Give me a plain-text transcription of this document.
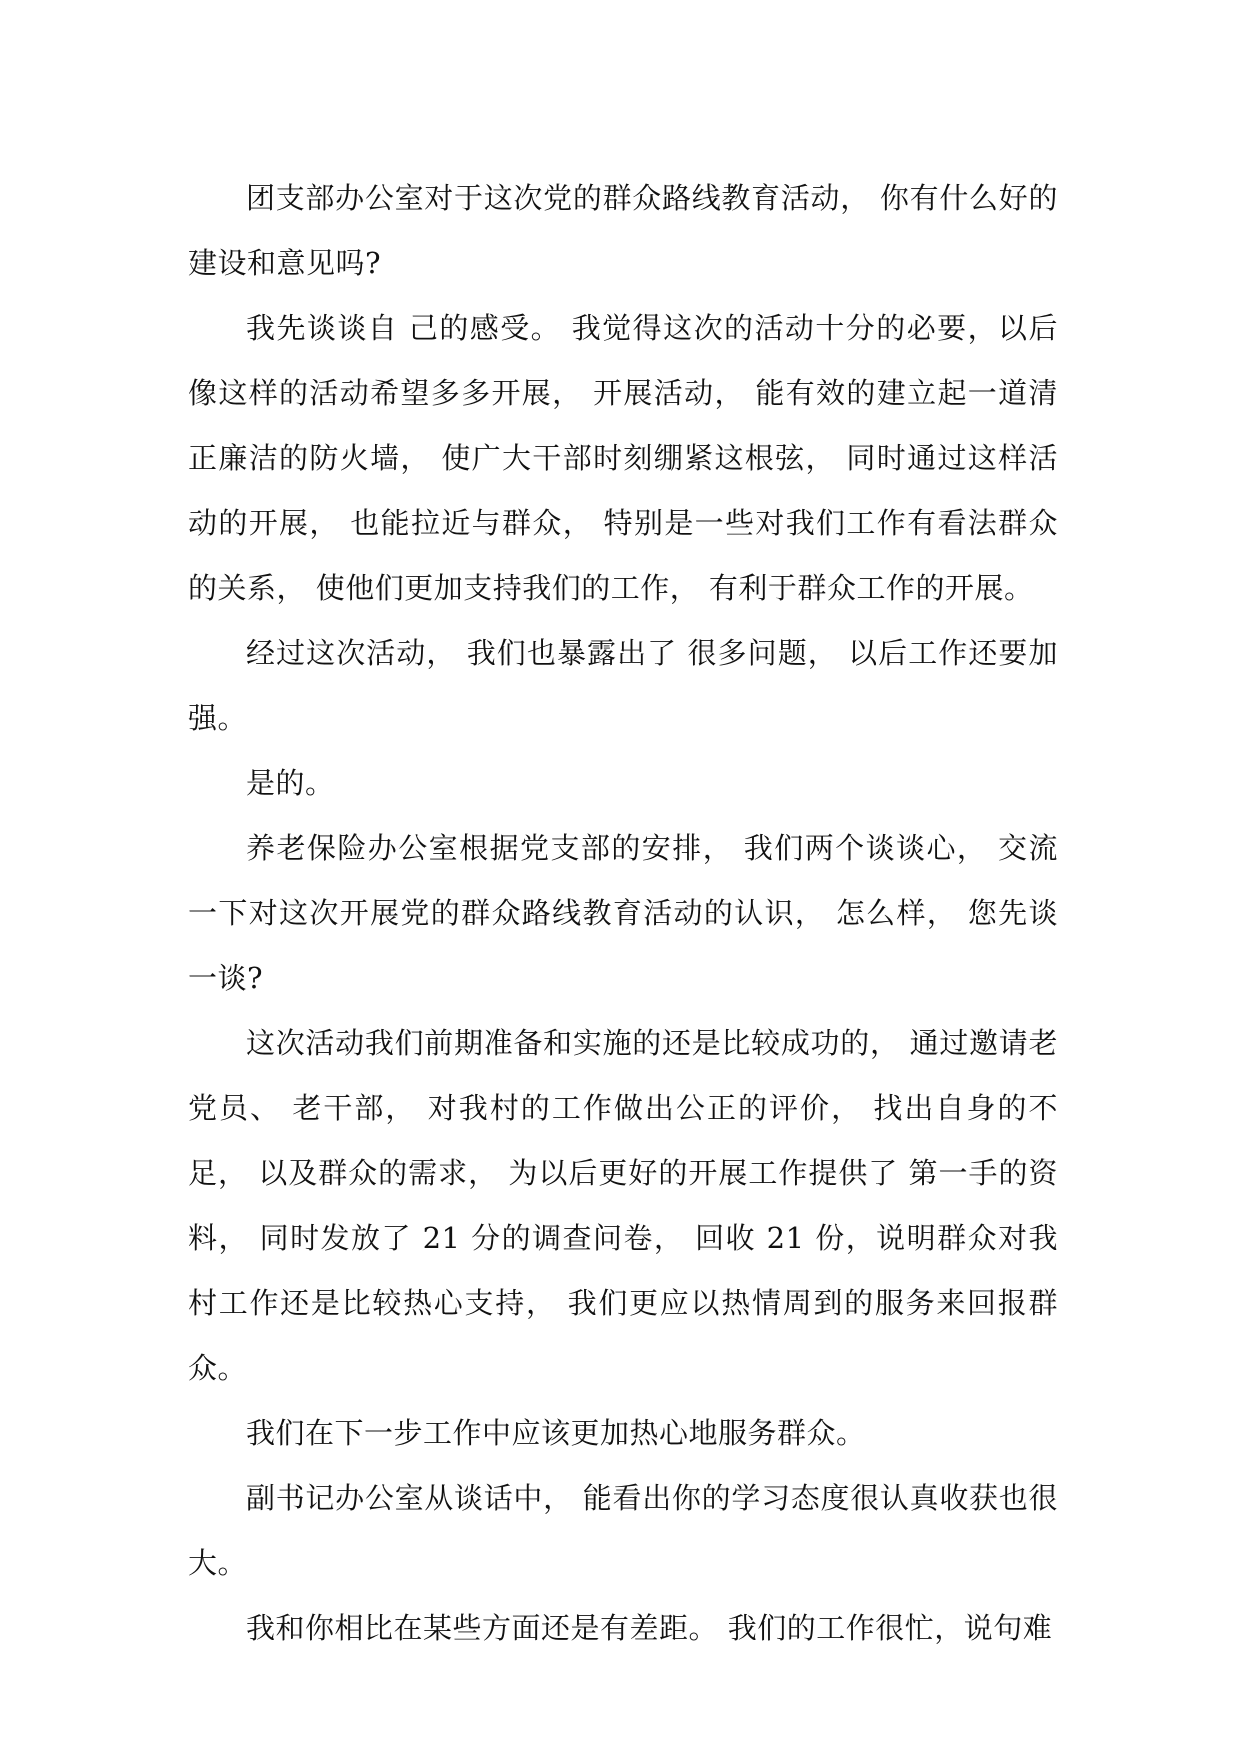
团支部办公室对于这次党的群众路线教育活动， 你有什么好的建设和意见吗?

我先谈谈自 己的感受。 我觉得这次的活动十分的必要，以后像这样的活动希望多多开展， 开展活动， 能有效的建立起一道清正廉洁的防火墙， 使广大干部时刻绷紧这根弦， 同时通过这样活动的开展， 也能拉近与群众， 特别是一些对我们工作有看法群众的关系， 使他们更加支持我们的工作， 有利于群众工作的开展。

经过这次活动， 我们也暴露出了 很多问题， 以后工作还要加强。

是的。

养老保险办公室根据党支部的安排， 我们两个谈谈心， 交流一下对这次开展党的群众路线教育活动的认识， 怎么样， 您先谈一谈?

这次活动我们前期准备和实施的还是比较成功的， 通过邀请老党员、 老干部， 对我村的工作做出公正的评价， 找出自身的不足， 以及群众的需求， 为以后更好的开展工作提供了 第一手的资料， 同时发放了 21 分的调查问卷， 回收 21 份，说明群众对我村工作还是比较热心支持， 我们更应以热情周到的服务来回报群众。

我们在下一步工作中应该更加热心地服务群众。

副书记办公室从谈话中， 能看出你的学习态度很认真收获也很大。

我和你相比在某些方面还是有差距。 我们的工作很忙，说句难
